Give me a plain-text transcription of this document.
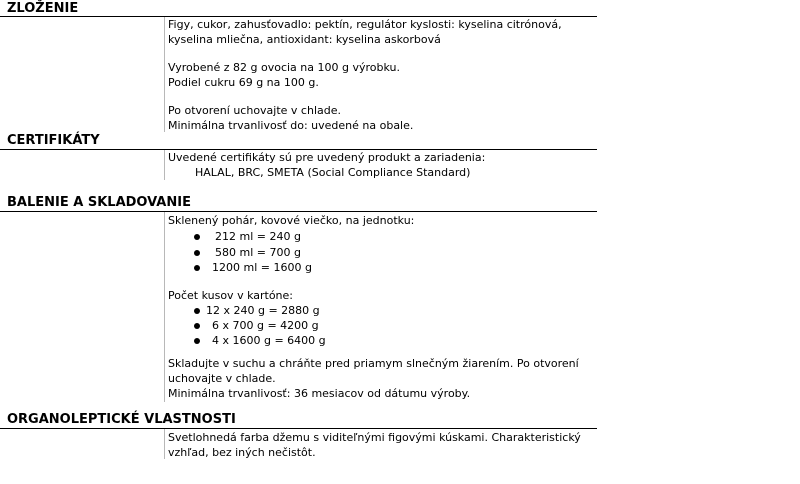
ZLOŽENIE

Figy, cukor, zahusťovadlo: pektín, regulátor kyslosti: kyselina citrónová,

kyselina mliečna, antioxidant: kyselina askorbová

Vyrobené z 82 g ovocia na 100 g výrobku.

Podiel cukru 69 g na 100 g.

Po otvorení uchovajte v chlade.

Minimálna trvanlivosť do: uvedené na obale.

CERTIFIKÁTY

Uvedené certifikáty sú pre uvedený produkt a zariadenia:

HALAL, BRC, SMETA (Social Compliance Standard)

BALENIE A SKLADOVANIE

Sklenený pohár, kovové viečko, na jednotku:

212 ml = 240 g

580 ml = 700 g

1200 ml = 1600 g

Počet kusov v kartóne:

12 x 240 g = 2880 g

6 x 700 g = 4200 g

4 x 1600 g = 6400 g

Skladujte v suchu a chráňte pred priamym slnečným žiarením. Po otvorení

uchovajte v chlade.

Minimálna trvanlivosť: 36 mesiacov od dátumu výroby.

ORGANOLEPTICKÉ VLASTNOSTI

Svetlohnedá farba džemu s viditeľnými figovými kúskami. Charakteristický

vzhľad, bez iných nečistôt.
